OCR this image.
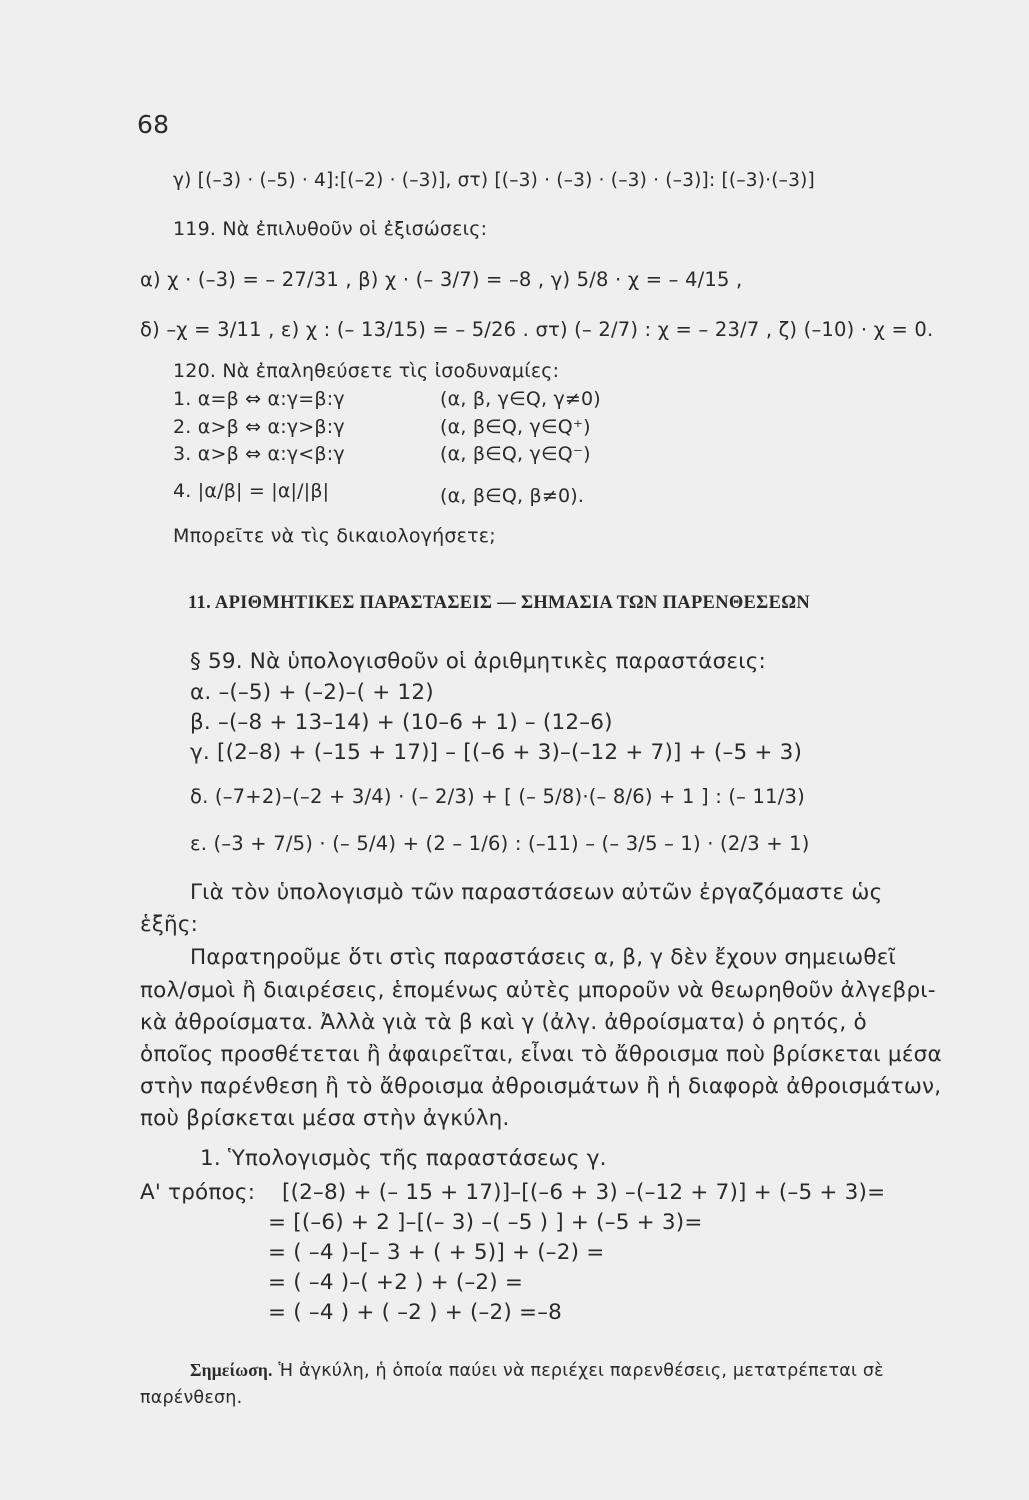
68
γ) [(–3) · (–5) · 4]:[(–2) · (–3)], στ) [(–3) · (–3) · (–3) · (–3)]: [(–3)·(–3)]
119. Νὰ ἐπιλυθοῦν οἱ ἐξισώσεις:
α) χ · (–3) = – 27/31 , β) χ · (– 3/7) = –8 , γ) 5/8 · χ = – 4/15 ,
δ) –χ = 3/11 , ε) χ : (– 13/15) = – 5/26 . στ) (– 2/7) : χ = – 23/7 , ζ) (–10) · χ = 0.
120. Νὰ ἐπαληθεύσετε τὶς ἰσοδυναμίες:
1. α=β ⇔ α:γ=β:γ	(α, β, γ∈Q, γ≠0)
2. α>β ⇔ α:γ>β:γ	(α, β∈Q, γ∈Q⁺)
3. α>β ⇔ α:γ<β:γ	(α, β∈Q, γ∈Q⁻)
4. |α/β| = |α|/|β|	(α, β∈Q, β≠0).
Μπορεῖτε νὰ τὶς δικαιολογήσετε;
11. ΑΡΙΘΜΗΤΙΚΕΣ ΠΑΡΑΣΤΑΣΕΙΣ — ΣΗΜΑΣΙΑ ΤΩΝ ΠΑΡΕΝΘΕΣΕΩΝ
§ 59. Νὰ ὑπολογισθοῦν οἱ ἀριθμητικὲς παραστάσεις:
α. –(–5) + (–2)–( + 12)
β. –(–8 + 13–14) + (10–6 + 1) – (12–6)
γ. [(2–8) + (–15 + 17)] – [(–6 + 3)–(–12 + 7)] + (–5 + 3)
δ. (–7+2)–(–2 + 3/4) · (– 2/3) + [ (– 5/8)·(– 8/6) + 1 ] : (– 11/3)
ε. (–3 + 7/5) · (– 5/4) + (2 – 1/6) : (–11) – (– 3/5 – 1) · (2/3 + 1)
Γιὰ τὸν ὑπολογισμὸ τῶν παραστάσεων αὐτῶν ἐργαζόμαστε ὡς
ἑξῆς:
Παρατηροῦμε ὅτι στὶς παραστάσεις α, β, γ δὲν ἔχουν σημειωθεῖ
πολ/σμοὶ ἢ διαιρέσεις, ἑπομένως αὐτὲς μποροῦν νὰ θεωρηθοῦν ἀλγεβρι-
κὰ ἀθροίσματα. Ἀλλὰ γιὰ τὰ β καὶ γ (ἀλγ. ἀθροίσματα) ὁ ρητός, ὁ
ὁποῖος προσθέτεται ἢ ἀφαιρεῖται, εἶναι τὸ ἄθροισμα ποὺ βρίσκεται μέσα
στὴν παρένθεση ἢ τὸ ἄθροισμα ἀθροισμάτων ἢ ἡ διαφορὰ ἀθροισμάτων,
ποὺ βρίσκεται μέσα στὴν ἀγκύλη.
1. Ὑπολογισμὸς τῆς παραστάσεως γ.
Α' τρόπος: [(2–8) + (– 15 + 17)]–[(–6 + 3) –(–12 + 7)] + (–5 + 3)=
= [(–6) + 2 ]–[(– 3) –( –5 ) ] + (–5 + 3)=
= ( –4 )–[– 3 + ( + 5)] + (–2) =
= ( –4 )–( +2 ) + (–2) =
= ( –4 ) + ( –2 ) + (–2) =–8
Σημείωση. Ἡ ἀγκύλη, ἡ ὁποία παύει νὰ περιέχει παρενθέσεις, μετατρέπεται σὲ
παρένθεση.
